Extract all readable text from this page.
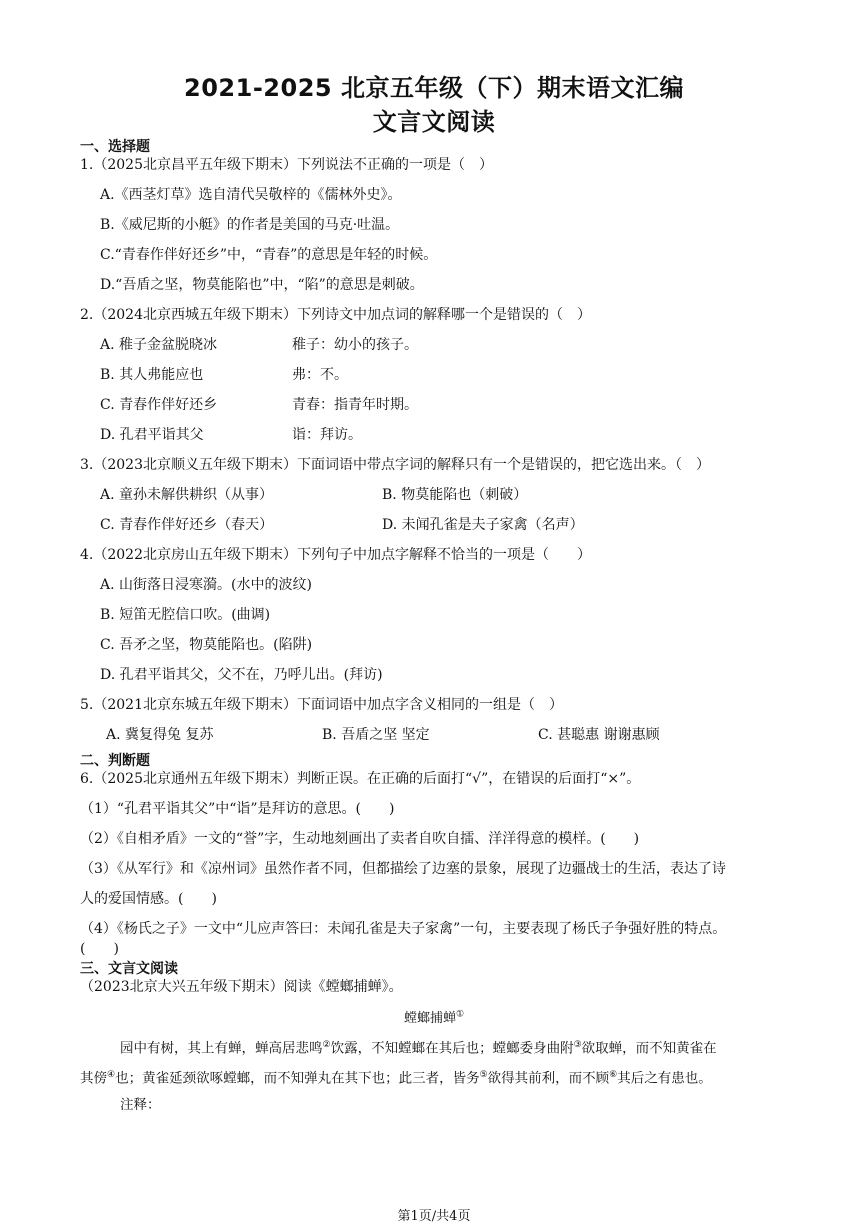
2021-2025 北京五年级（下）期末语文汇编
文言文阅读
一、选择题
1.（2025北京昌平五年级下期末）下列说法不正确的一项是（　）
A.《西茎灯草》选自清代吴敬梓的《儒林外史》。
B.《威尼斯的小艇》的作者是美国的马克·吐温。
C.“青春作伴好还乡”中，“青春”的意思是年轻的时候。
D.“吾盾之坚，物莫能陷也”中，“陷”的意思是刺破。
2.（2024北京西城五年级下期末）下列诗文中加点词的解释哪一个是错误的（　）
A. 稚子金盆脱晓冰	稚子：幼小的孩子。
B. 其人弗能应也	弗：不。
C. 青春作伴好还乡	青春：指青年时期。
D. 孔君平诣其父	诣：拜访。
3.（2023北京顺义五年级下期末）下面词语中带点字词的解释只有一个是错误的，把它选出来。（　）
A. 童孙未解供耕织（从事）	B. 物莫能陷也（刺破）
C. 青春作伴好还乡（春天）	D. 未闻孔雀是夫子家禽（名声）
4.（2022北京房山五年级下期末）下列句子中加点字解释不恰当的一项是（　　）
A. 山街落日浸寒漪。(水中的波纹)
B. 短笛无腔信口吹。(曲调)
C. 吾矛之坚，物莫能陷也。(陷阱)
D. 孔君平诣其父，父不在，乃呼儿出。(拜访)
5.（2021北京东城五年级下期末）下面词语中加点字含义相同的一组是（　）
A. 冀复得兔 复苏	B. 吾盾之坚 坚定	C. 甚聪惠 谢谢惠顾
二、判断题
6.（2025北京通州五年级下期末）判断正误。在正确的后面打“√”，在错误的后面打“×”。
（1）“孔君平诣其父”中“诣”是拜访的意思。(　　)
（2）《自相矛盾》一文的“誉”字，生动地刻画出了卖者自吹自擂、洋洋得意的模样。(　　)
（3）《从军行》和《凉州词》虽然作者不同，但都描绘了边塞的景象，展现了边疆战士的生活，表达了诗
人的爱国情感。(　　)
（4）《杨氏之子》一文中“儿应声答曰：未闻孔雀是夫子家禽”一句，主要表现了杨氏子争强好胜的特点。
(　　)
三、文言文阅读
（2023北京大兴五年级下期末）阅读《螳螂捕蝉》。
螳螂捕蝉①
园中有树，其上有蝉，蝉高居悲鸣②饮露，不知螳螂在其后也；螳螂委身曲附③欲取蝉，而不知黄雀在
其傍④也；黄雀延颈欲啄螳螂，而不知弹丸在其下也；此三者，皆务⑤欲得其前利，而不顾⑥其后之有患也。
注释：
第1页/共4页
